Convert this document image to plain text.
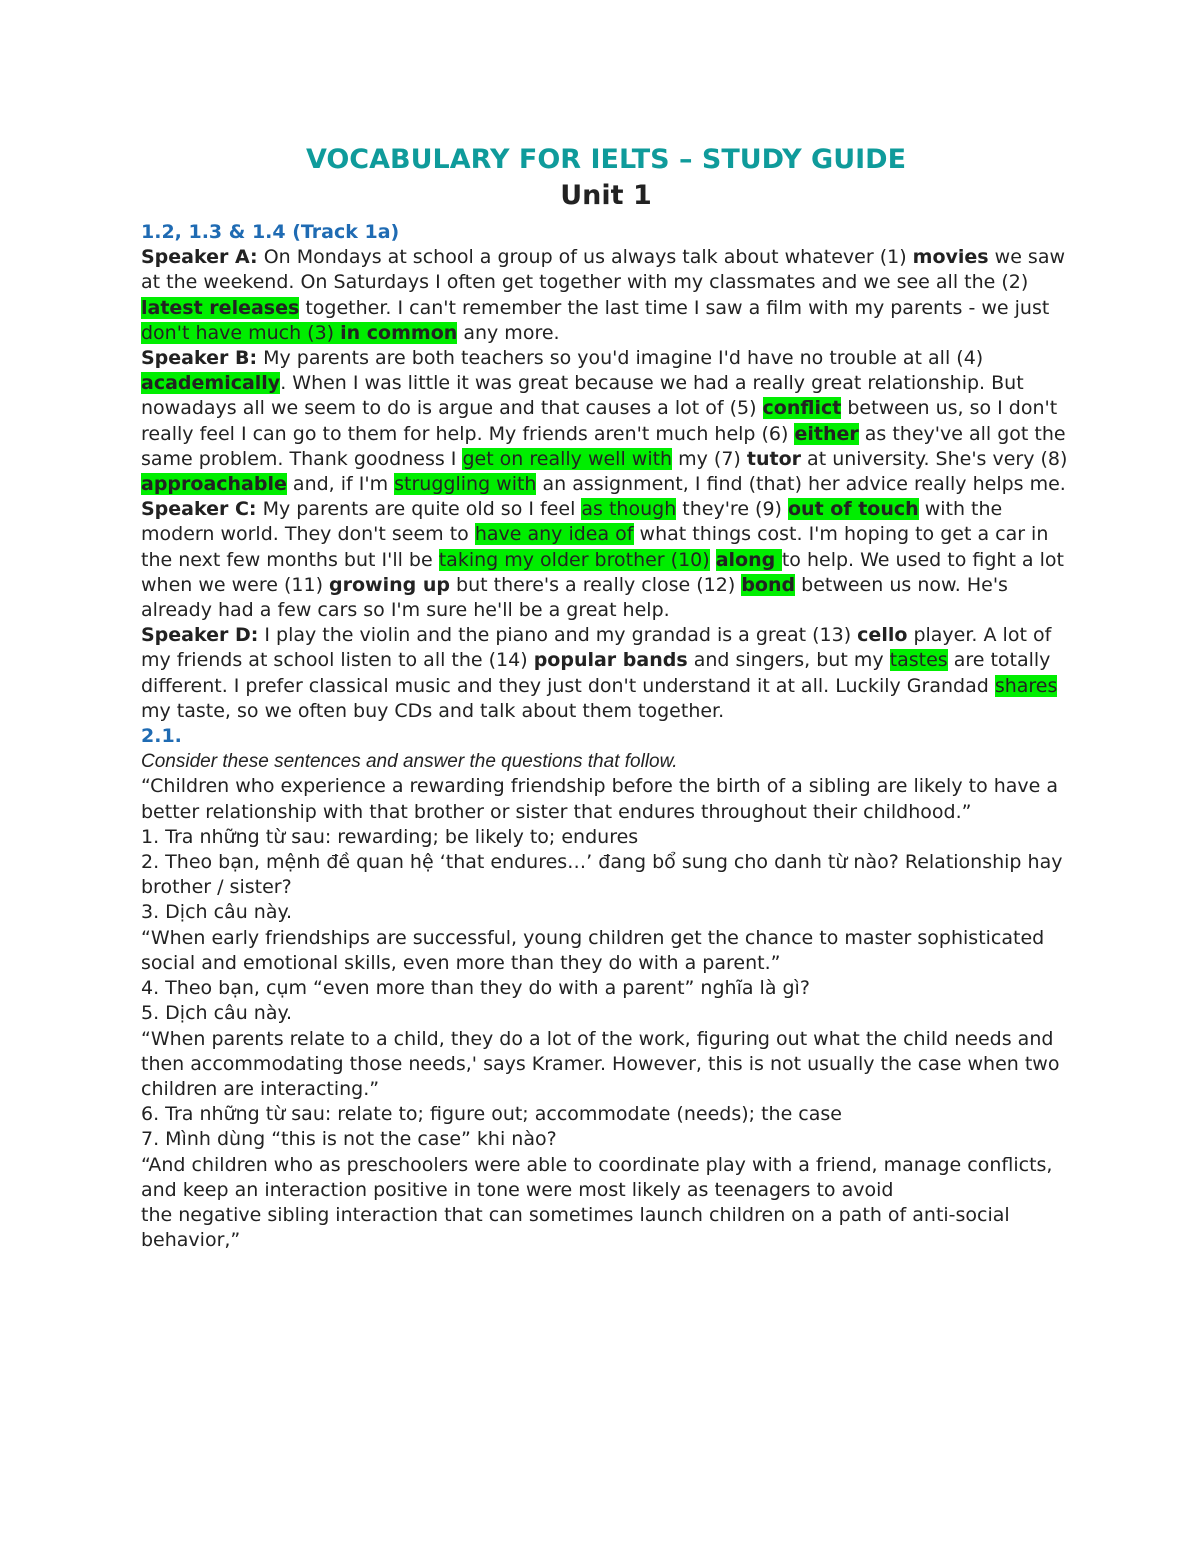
VOCABULARY FOR IELTS – STUDY GUIDE
Unit 1

1.2, 1.3 & 1.4 (Track 1a)

Speaker A: On Mondays at school a group of us always talk about whatever (1) movies we saw at the weekend. On Saturdays I often get together with my classmates and we see all the (2) latest releases together. I can't remember the last time I saw a film with my parents - we just don't have much (3) in common any more.

Speaker B: My parents are both teachers so you'd imagine I'd have no trouble at all (4) academically. When I was little it was great because we had a really great relationship. But nowadays all we seem to do is argue and that causes a lot of (5) conflict between us, so I don't really feel I can go to them for help. My friends aren't much help (6) either as they've all got the same problem. Thank goodness I get on really well with my (7) tutor at university. She's very (8) approachable and, if I'm struggling with an assignment, I find (that) her advice really helps me.

Speaker C: My parents are quite old so I feel as though they're (9) out of touch with the modern world. They don't seem to have any idea of what things cost. I'm hoping to get a car in the next few months but I'll be taking my older brother (10) along to help. We used to fight a lot when we were (11) growing up but there's a really close (12) bond between us now. He's already had a few cars so I'm sure he'll be a great help.

Speaker D: I play the violin and the piano and my grandad is a great (13) cello player. A lot of my friends at school listen to all the (14) popular bands and singers, but my tastes are totally different. I prefer classical music and they just don't understand it at all. Luckily Grandad shares my taste, so we often buy CDs and talk about them together.

2.1.

Consider these sentences and answer the questions that follow.

“Children who experience a rewarding friendship before the birth of a sibling are likely to have a better relationship with that brother or sister that endures throughout their childhood.”

1. Tra những từ sau: rewarding; be likely to; endures

2. Theo bạn, mệnh đề quan hệ ‘that endures…’ đang bổ sung cho danh từ nào? Relationship hay brother / sister?

3. Dịch câu này.

“When early friendships are successful, young children get the chance to master sophisticated social and emotional skills, even more than they do with a parent.”

4. Theo bạn, cụm “even more than they do with a parent” nghĩa là gì?

5. Dịch câu này.

“When parents relate to a child, they do a lot of the work, figuring out what the child needs and then accommodating those needs,' says Kramer. However, this is not usually the case when two children are interacting.”

6. Tra những từ sau: relate to; figure out; accommodate (needs); the case

7. Mình dùng “this is not the case” khi nào?

“And children who as preschoolers were able to coordinate play with a friend, manage conflicts, and keep an interaction positive in tone were most likely as teenagers to avoid

the negative sibling interaction that can sometimes launch children on a path of anti-social behavior,”
